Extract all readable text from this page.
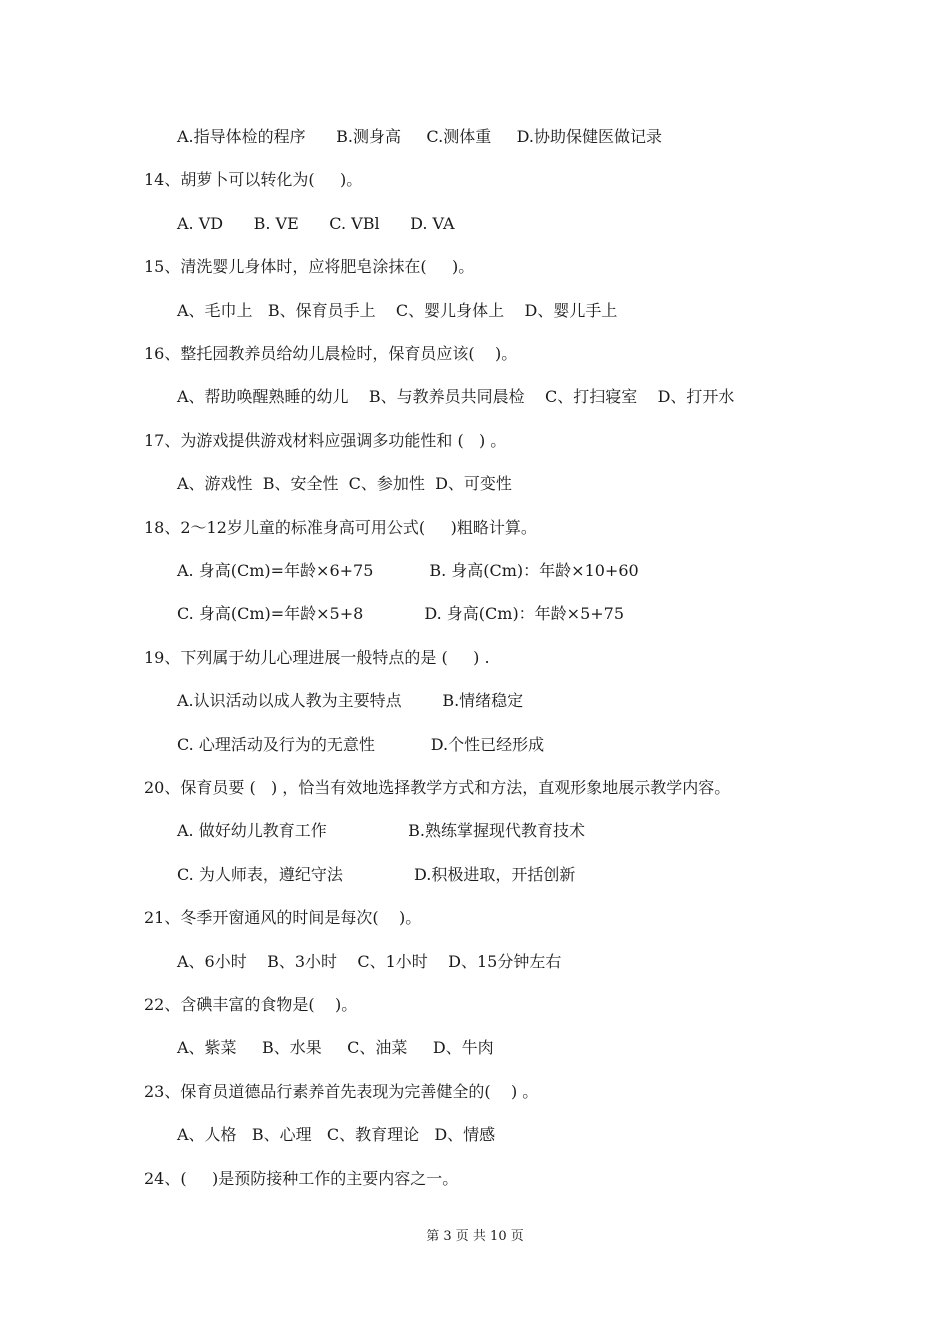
A.指导体检的程序      B.测身高     C.测体重     D.协助保健医做记录
14、胡萝卜可以转化为(     )。
A. VD      B. VE      C. VBl      D. VA
15、清洗婴儿身体时，应将肥皂涂抹在(     )。
A、毛巾上   B、保育员手上    C、婴儿身体上    D、婴儿手上
16、整托园教养员给幼儿晨检时，保育员应该(    )。
A、帮助唤醒熟睡的幼儿    B、与教养员共同晨检    C、打扫寝室    D、打开水
17、为游戏提供游戏材料应强调多功能性和 (   ) 。
A、游戏性  B、安全性  C、参加性  D、可变性
18、2～12岁儿童的标准身高可用公式(     )粗略计算。
A. 身高(Cm)=年龄×6+75           B. 身高(Cm)：年龄×10+60
C. 身高(Cm)=年龄×5+8            D. 身高(Cm)：年龄×5+75
19、下列属于幼儿心理进展一般特点的是 (     ) .
A.认识活动以成人教为主要特点        B.情绪稳定
C. 心理活动及行为的无意性           D.个性已经形成
20、保育员要 (   ) ，恰当有效地选择教学方式和方法，直观形象地展示教学内容。
A. 做好幼儿教育工作                B.熟练掌握现代教育技术
C. 为人师表，遵纪守法              D.积极进取，开括创新
21、冬季开窗通风的时间是每次(    )。
A、6小时    B、3小时    C、1小时    D、15分钟左右
22、含碘丰富的食物是(    )。
A、紫菜     B、水果     C、油菜     D、牛肉
23、保育员道德品行素养首先表现为完善健全的(    ) 。
A、人格   B、心理   C、教育理论   D、情感
24、(     )是预防接种工作的主要内容之一。
第 3 页 共 10 页
